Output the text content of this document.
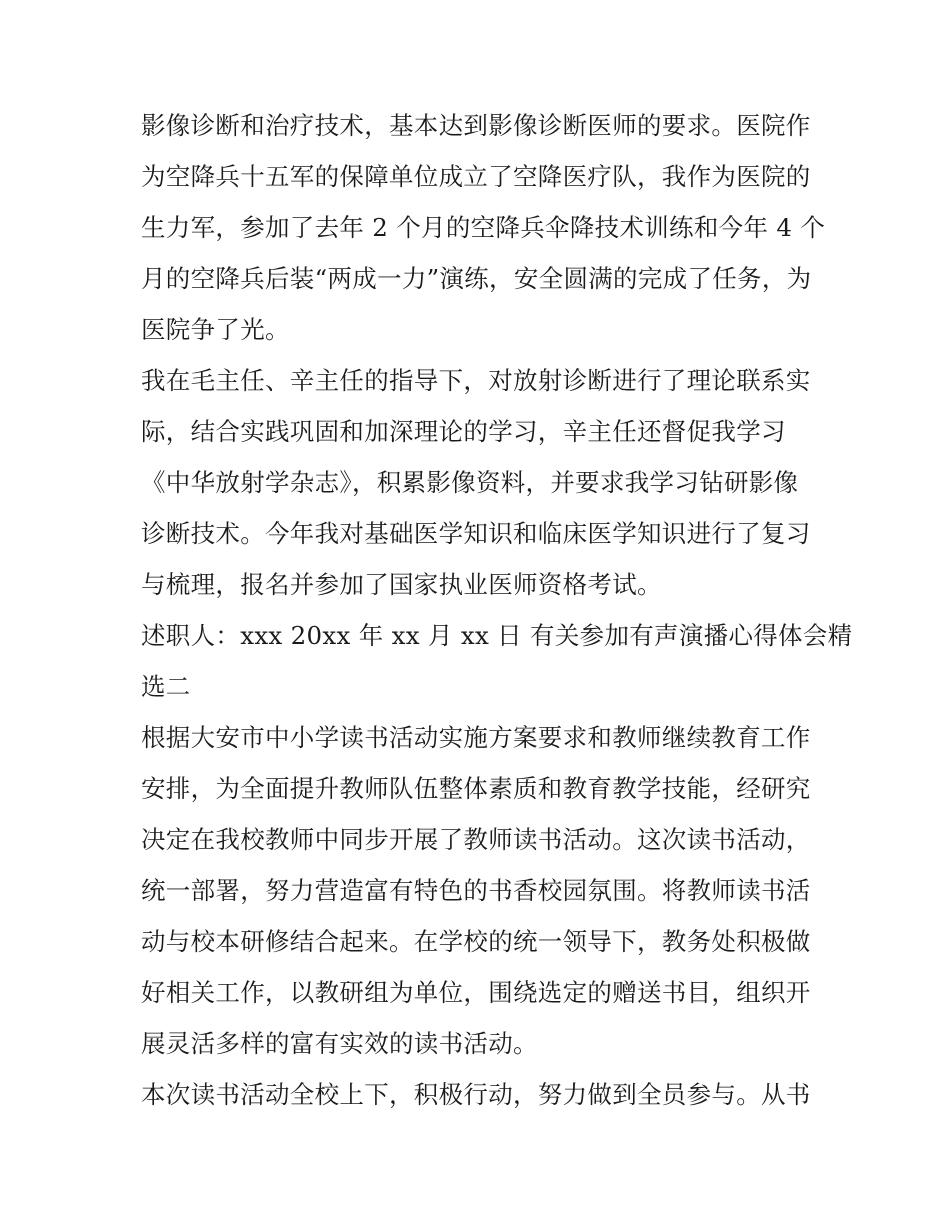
影像诊断和治疗技术，基本达到影像诊断医师的要求。医院作
为空降兵十五军的保障单位成立了空降医疗队，我作为医院的
生力军，参加了去年 2 个月的空降兵伞降技术训练和今年 4 个
月的空降兵后装“两成一力”演练，安全圆满的完成了任务，为
医院争了光。

我在毛主任、辛主任的指导下，对放射诊断进行了理论联系实
际，结合实践巩固和加深理论的学习，辛主任还督促我学习
《中华放射学杂志》，积累影像资料，并要求我学习钻研影像
诊断技术。今年我对基础医学知识和临床医学知识进行了复习
与梳理，报名并参加了国家执业医师资格考试。

述职人：xxx 20xx 年 xx 月 xx 日 有关参加有声演播心得体会精
选二

根据大安市中小学读书活动实施方案要求和教师继续教育工作
安排，为全面提升教师队伍整体素质和教育教学技能，经研究
决定在我校教师中同步开展了教师读书活动。这次读书活动，
统一部署，努力营造富有特色的书香校园氛围。将教师读书活
动与校本研修结合起来。在学校的统一领导下，教务处积极做
好相关工作，以教研组为单位，围绕选定的赠送书目，组织开
展灵活多样的富有实效的读书活动。

本次读书活动全校上下，积极行动，努力做到全员参与。从书
